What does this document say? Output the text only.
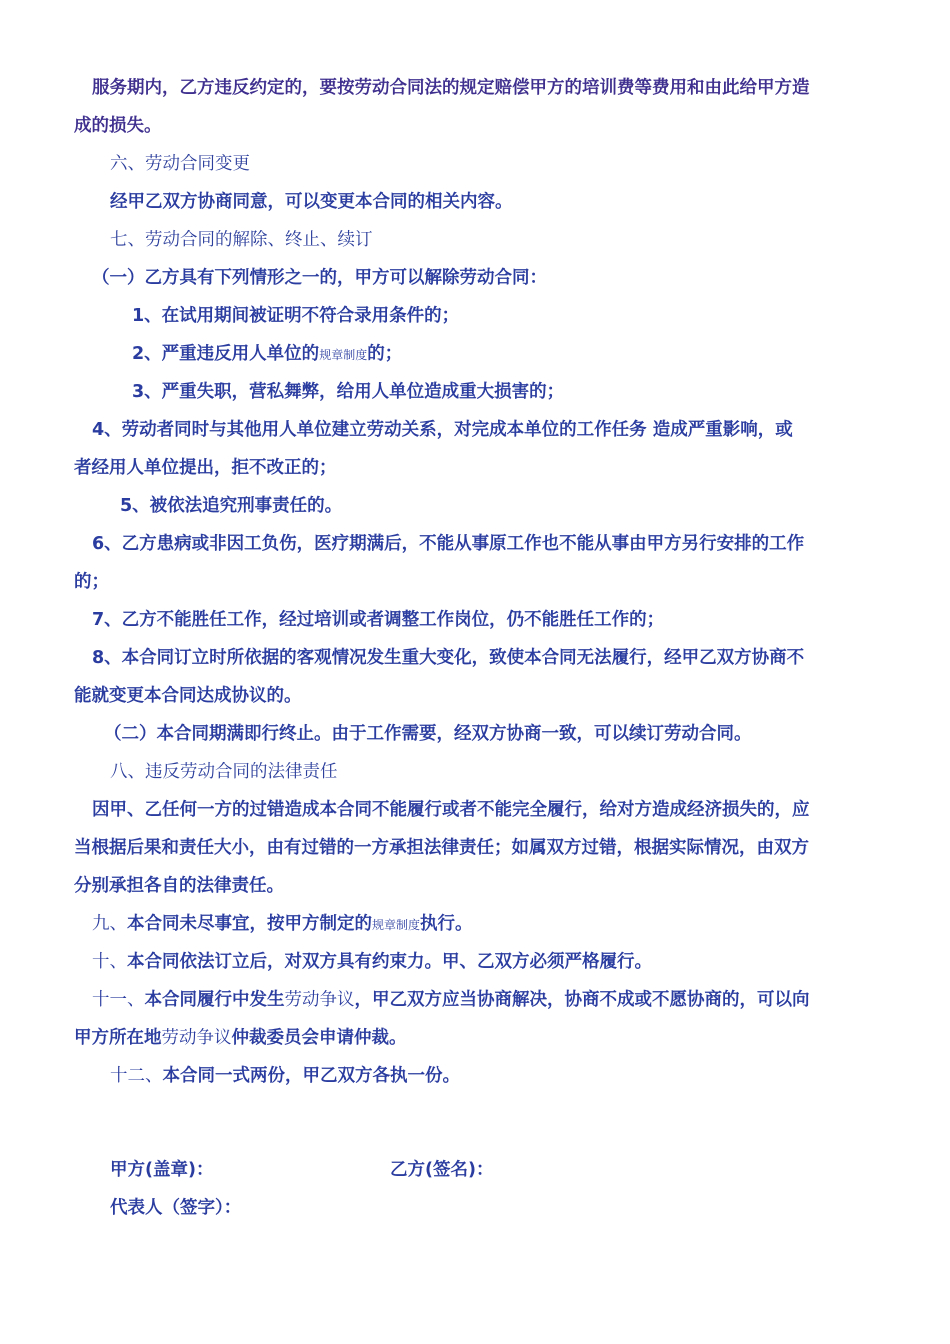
服务期内，乙方违反约定的，要按劳动合同法的规定赔偿甲方的培训费等费用和由此给甲方造
成的损失。
六、劳动合同变更
经甲乙双方协商同意，可以变更本合同的相关内容。
七、劳动合同的解除、终止、续订
（一）乙方具有下列情形之一的，甲方可以解除劳动合同：
1、在试用期间被证明不符合录用条件的；
2、严重违反用人单位的规章制度的；
3、严重失职，营私舞弊，给用人单位造成重大损害的；
4、劳动者同时与其他用人单位建立劳动关系，对完成本单位的工作任务 造成严重影响，或
者经用人单位提出，拒不改正的；
5、被依法追究刑事责任的。
6、乙方患病或非因工负伤，医疗期满后，不能从事原工作也不能从事由甲方另行安排的工作
的；
7、乙方不能胜任工作，经过培训或者调整工作岗位，仍不能胜任工作的；
8、本合同订立时所依据的客观情况发生重大变化，致使本合同无法履行，经甲乙双方协商不
能就变更本合同达成协议的。
（二）本合同期满即行终止。由于工作需要，经双方协商一致，可以续订劳动合同。
八、违反劳动合同的法律责任
因甲、乙任何一方的过错造成本合同不能履行或者不能完全履行，给对方造成经济损失的，应
当根据后果和责任大小，由有过错的一方承担法律责任；如属双方过错，根据实际情况，由双方
分别承担各自的法律责任。
九、本合同未尽事宜，按甲方制定的规章制度执行。
十、本合同依法订立后，对双方具有约束力。甲、乙双方必须严格履行。
十一、本合同履行中发生劳动争议，甲乙双方应当协商解决，协商不成或不愿协商的，可以向
甲方所在地劳动争议仲裁委员会申请仲裁。
十二、本合同一式两份，甲乙双方各执一份。
甲方(盖章)：	乙方(签名)：
代表人（签字）：
